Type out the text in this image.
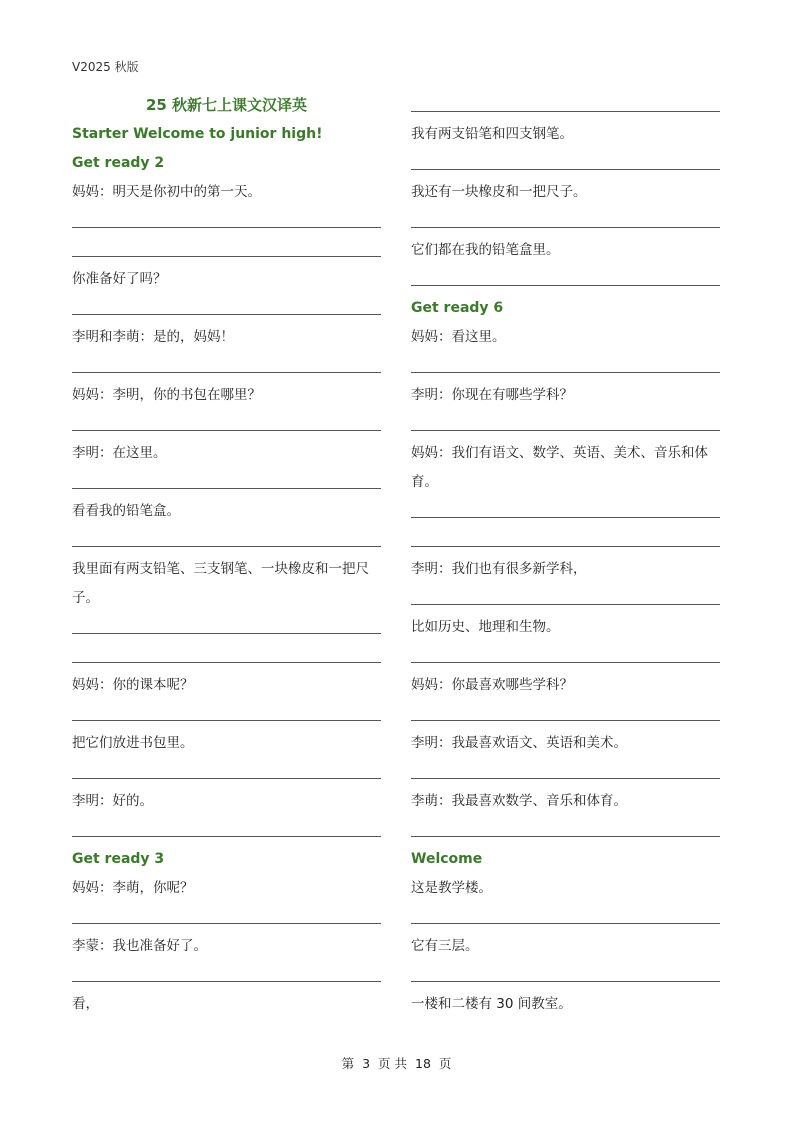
V2025 秋版
25 秋新七上课文汉译英
Starter Welcome to junior high!
Get ready 2
妈妈：明天是你初中的第一天。
你准备好了吗？
李明和李萌：是的，妈妈！
妈妈：李明，你的书包在哪里？
李明：在这里。
看看我的铅笔盒。
我里面有两支铅笔、三支钢笔、一块橡皮和一把尺子。
妈妈：你的课本呢？
把它们放进书包里。
李明：好的。
Get ready 3
妈妈：李萌，你呢？
李蒙：我也准备好了。
看，
我有两支铅笔和四支钢笔。
我还有一块橡皮和一把尺子。
它们都在我的铅笔盒里。
Get ready 6
妈妈：看这里。
李明：你现在有哪些学科？
妈妈：我们有语文、数学、英语、美术、音乐和体育。
李明：我们也有很多新学科，
比如历史、地理和生物。
妈妈：你最喜欢哪些学科？
李明：我最喜欢语文、英语和美术。
李萌：我最喜欢数学、音乐和体育。
Welcome
这是教学楼。
它有三层。
一楼和二楼有 30 间教室。
第 3 页 共 18 页
